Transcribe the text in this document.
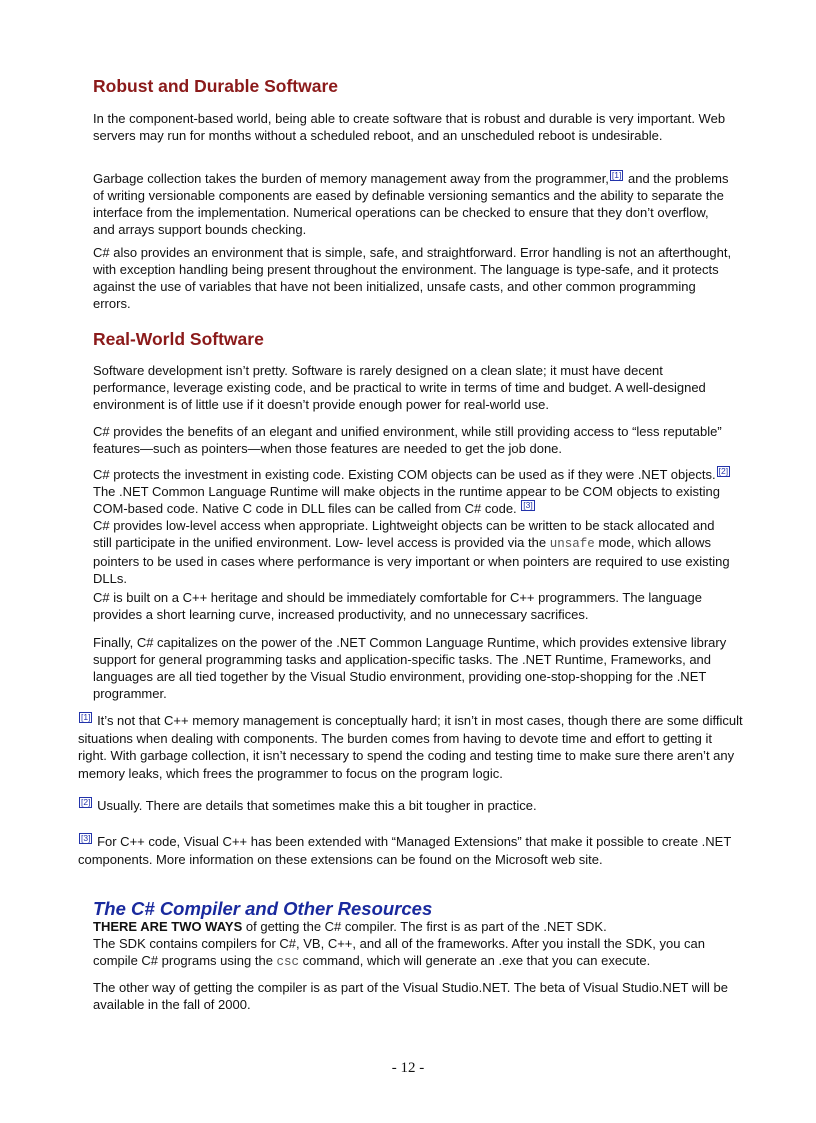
Robust and Durable Software

In the component-based world, being able to create software that is robust and durable is very important. Web servers may run for months without a scheduled reboot, and an unscheduled reboot is undesirable.

Garbage collection takes the burden of memory management away from the programmer, [1] and the problems of writing versionable components are eased by definable versioning semantics and the ability to separate the interface from the implementation. Numerical operations can be checked to ensure that they don’t overflow, and arrays support bounds checking.

C# also provides an environment that is simple, safe, and straightforward. Error handling is not an afterthought, with exception handling being present throughout the environment. The language is type-safe, and it protects against the use of variables that have not been initialized, unsafe casts, and other common programming errors.

Real-World Software

Software development isn’t pretty. Software is rarely designed on a clean slate; it must have decent performance, leverage existing code, and be practical to write in terms of time and budget. A well-designed environment is of little use if it doesn’t provide enough power for real-world use.

C# provides the benefits of an elegant and unified environment, while still providing access to “less reputable” features—such as pointers—when those features are needed to get the job done.

C# protects the investment in existing code. Existing COM objects can be used as if they were .NET objects. [2] The .NET Common Language Runtime will make objects in the runtime appear to be COM objects to existing COM-based code. Native C code in DLL files can be called from C# code. [3]
C# provides low-level access when appropriate. Lightweight objects can be written to be stack allocated and still participate in the unified environment. Low- level access is provided via the unsafe mode, which allows pointers to be used in cases where performance is very important or when pointers are required to use existing DLLs.

C# is built on a C++ heritage and should be immediately comfortable for C++ programmers. The language provides a short learning curve, increased productivity, and no unnecessary sacrifices.

Finally, C# capitalizes on the power of the .NET Common Language Runtime, which provides extensive library support for general programming tasks and application-specific tasks. The .NET Runtime, Frameworks, and languages are all tied together by the Visual Studio environment, providing one-stop-shopping for the .NET programmer.

[1] It’s not that C++ memory management is conceptually hard; it isn’t in most cases, though there are some difficult situations when dealing with components. The burden comes from having to devote time and effort to getting it right. With garbage collection, it isn’t necessary to spend the coding and testing time to make sure there aren’t any memory leaks, which frees the programmer to focus on the program logic.

[2] Usually. There are details that sometimes make this a bit tougher in practice.

[3] For C++ code, Visual C++ has been extended with “Managed Extensions” that make it possible to create .NET components. More information on these extensions can be found on the Microsoft web site.

The C# Compiler and Other Resources

THERE ARE TWO WAYS of getting the C# compiler. The first is as part of the .NET SDK.
The SDK contains compilers for C#, VB, C++, and all of the frameworks. After you install the SDK, you can compile C# programs using the csc command, which will generate an .exe that you can execute.

The other way of getting the compiler is as part of the Visual Studio.NET. The beta of Visual Studio.NET will be available in the fall of 2000.

- 12 -
